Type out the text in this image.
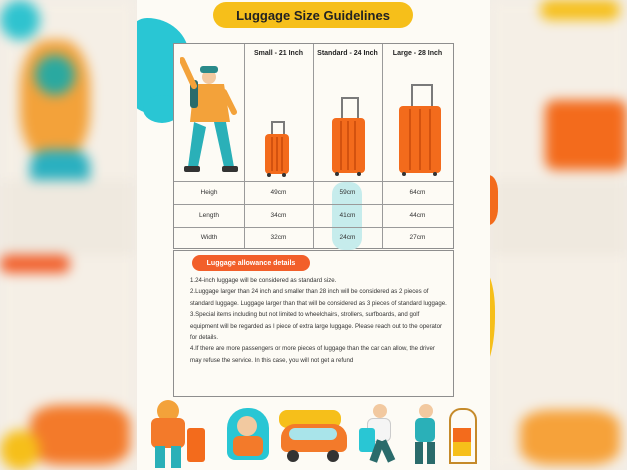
Luggage Size Guidelines
Small - 21 Inch	Standard - 24 Inch	Large - 28 Inch
Heigh	49cm	59cm	64cm
Length	34cm	41cm	44cm
Width	32cm	24cm	27cm
Luggage allowance details

1.24-inch luggage will be considered as standard size.

2.Luggage larger than 24 inch and smaller than 28 inch will be considered as 2 pieces of standard luggage. Luggage larger than that will be considered as 3 pieces of standard luggage.

3.Special items including but not limited to wheelchairs, strollers, surfboards, and golf equipment will be regarded as I piece of extra large luggage. Please reach out to the operator for details.

4.If there are more passengers or more pieces of luggage than the car can allow, the driver may refuse the service. In this case, you will not get a refund
